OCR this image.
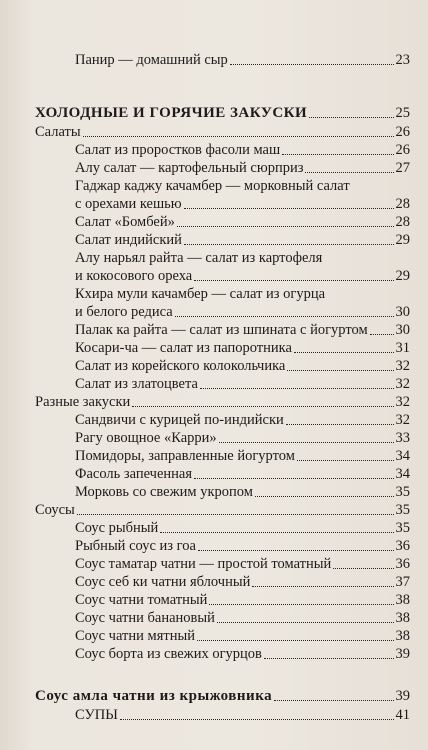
Панир — домашний сыр	23
ХОЛОДНЫЕ И ГОРЯЧИЕ ЗАКУСКИ	25
Салаты	26
Салат из проростков фасоли маш	26
Алу салат — картофельный сюрприз	27
Гаджар каджу качамбер — морковный салат
с орехами кешью	28
Салат «Бомбей»	28
Салат индийский	29
Алу нарьял райта — салат из картофеля
и кокосового ореха	29
Кхира мули качамбер — салат из огурца
и белого редиса	30
Палак ка райта — салат из шпината с йогуртом 30
Косари-ча — салат из папоротника	31
Салат из корейского колокольчика	32
Салат из златоцвета	32
Разные закуски	32
Сандвичи с курицей по-индийски	32
Рагу овощное «Карри»	33
Помидоры, заправленные йогуртом	34
Фасоль запеченная	34
Морковь со свежим укропом	35
Соусы	35
Соус рыбный	35
Рыбный соус из гоа	36
Соус таматар чатни — простой томатный	36
Соус себ ки чатни яблочный	37
Соус чатни томатный	38
Соус чатни банановый	38
Соус чатни мятный	38
Соус борта из свежих огурцов	39
Соус амла чатни из крыжовника	39
СУПЫ	41
